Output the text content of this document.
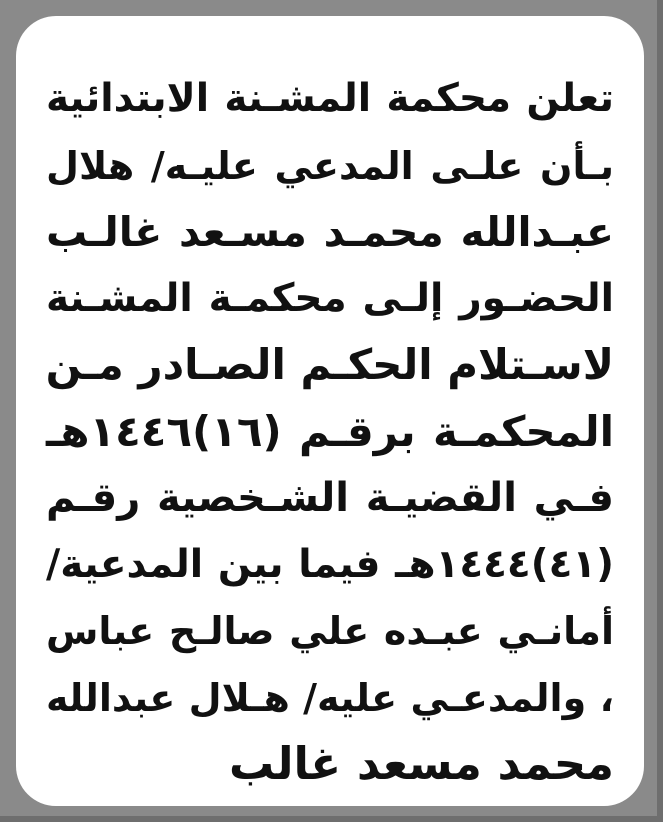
تعلن محكمة المشـنة الابتدائية
بـأن علـى المدعي عليـه/ هلال
عبـدالله محمـد مسـعد غالـب
الحضـور إلـى محكمـة المشـنة
لاسـتلام الحكـم الصـادر مـن
المحكمـة برقـم (١٦)١٤٤٦هـ
فـي القضيـة الشـخصية رقـم
(٤١)١٤٤٤هـ فيما بين المدعية/
أمانـي عبـده علي صالـح عباس
، والمدعـي عليه/ هـلال عبدالله
محمد مسعد غالب
